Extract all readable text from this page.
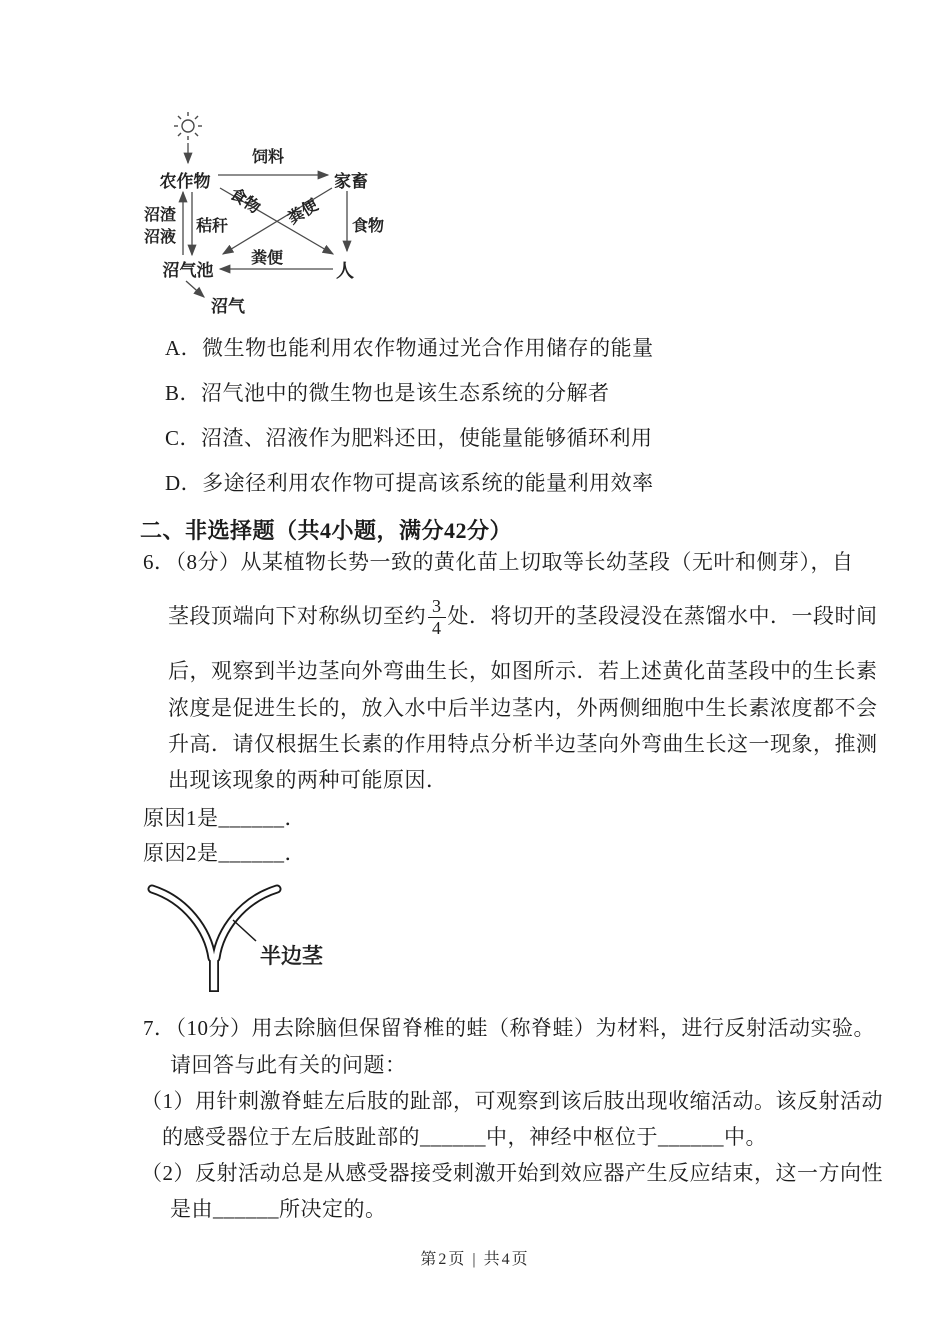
农作物	家畜
沼气池	人
沼气
饲料
食物 粪便
秸秆
沼渣
沼液
食物
粪便
A．微生物也能利用农作物通过光合作用储存的能量
B．沼气池中的微生物也是该生态系统的分解者
C．沼渣、沼液作为肥料还田，使能量能够循环利用
D．多途径利用农作物可提高该系统的能量利用效率
二、非选择题（共4小题，满分42分）
6．（8分）从某植物长势一致的黄化苗上切取等长幼茎段（无叶和侧芽），自
茎段顶端向下对称纵切至约 $\frac{3}{4}$ 处．将切开的茎段浸没在蒸馏水中．一段时间
后，观察到半边茎向外弯曲生长，如图所示．若上述黄化苗茎段中的生长素
浓度是促进生长的，放入水中后半边茎内，外两侧细胞中生长素浓度都不会
升高．请仅根据生长素的作用特点分析半边茎向外弯曲生长这一现象，推测
出现该现象的两种可能原因．
原因1是______．
原因2是______．
半边茎
7．（10分）用去除脑但保留脊椎的蛙（称脊蛙）为材料，进行反射活动实验。
请回答与此有关的问题：
（1）用针刺激脊蛙左后肢的趾部，可观察到该后肢出现收缩活动。该反射活动
的感受器位于左后肢趾部的______中，神经中枢位于______中。
（2）反射活动总是从感受器接受刺激开始到效应器产生反应结束，这一方向性
是由______所决定的。
第2页 | 共4页
